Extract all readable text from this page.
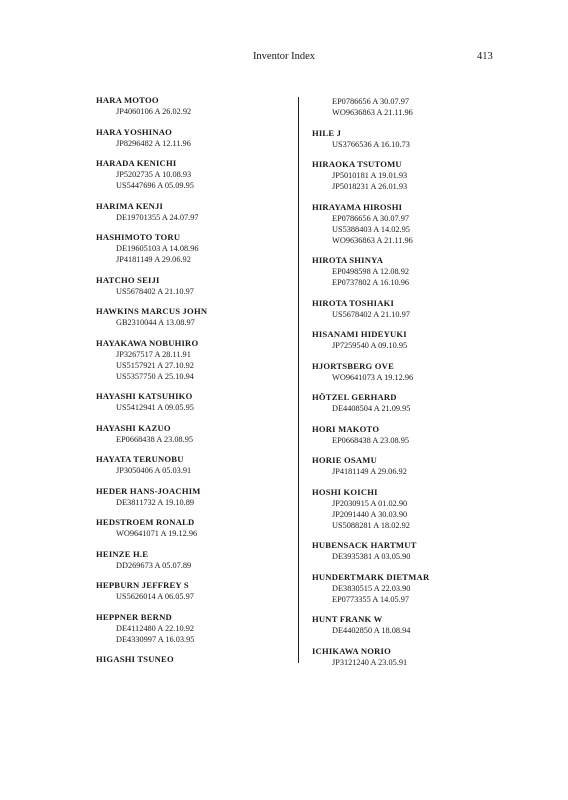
Inventor Index	413
HARA MOTOO
JP4060106 A 26.02.92
HARA YOSHINAO
JP8296482 A 12.11.96
HARADA KENICHI
JP5202735 A 10.08.93
US5447696 A 05.09.95
HARIMA KENJI
DE19701355 A 24.07.97
HASHIMOTO TORU
DE19605103 A 14.08.96
JP4181149 A 29.06.92
HATCHO SEIJI
US5678402 A 21.10.97
HAWKINS MARCUS JOHN
GB2310044 A 13.08.97
HAYAKAWA NOBUHIRO
JP3267517 A 28.11.91
US5157921 A 27.10.92
US5357750 A 25.10.94
HAYASHI KATSUHIKO
US5412941 A 09.05.95
HAYASHI KAZUO
EP0668438 A 23.08.95
HAYATA TERUNOBU
JP3050406 A 05.03.91
HEDER HANS-JOACHIM
DE3811732 A 19.10.89
HEDSTROEM RONALD
WO9641071 A 19.12.96
HEINZE H.E
DD269673 A 05.07.89
HEPBURN JEFFREY S
US5626014 A 06.05.97
HEPPNER BERND
DE4112480 A 22.10.92
DE4330997 A 16.03.95
HIGASHI TSUNEO
EP0786656 A 30.07.97
WO9636863 A 21.11.96
HILE J
US3766536 A 16.10.73
HIRAOKA TSUTOMU
JP5010181 A 19.01.93
JP5018231 A 26.01.93
HIRAYAMA HIROSHI
EP0786656 A 30.07.97
US5388403 A 14.02.95
WO9636863 A 21.11.96
HIROTA SHINYA
EP0498598 A 12.08.92
EP0737802 A 16.10.96
HIROTA TOSHIAKI
US5678402 A 21.10.97
HISANAMI HIDEYUKI
JP7259540 A 09.10.95
HJORTSBERG OVE
WO9641073 A 19.12.96
HÖTZEL GERHARD
DE4408504 A 21.09.95
HORI MAKOTO
EP0668438 A 23.08.95
HORIE OSAMU
JP4181149 A 29.06.92
HOSHI KOICHI
JP2030915 A 01.02.90
JP2091440 A 30.03.90
US5088281 A 18.02.92
HUBENSACK HARTMUT
DE3935381 A 03.05.90
HUNDERTMARK DIETMAR
DE3830515 A 22.03.90
EP0773355 A 14.05.97
HUNT FRANK W
DE4402850 A 18.08.94
ICHIKAWA NORIO
JP3121240 A 23.05.91
